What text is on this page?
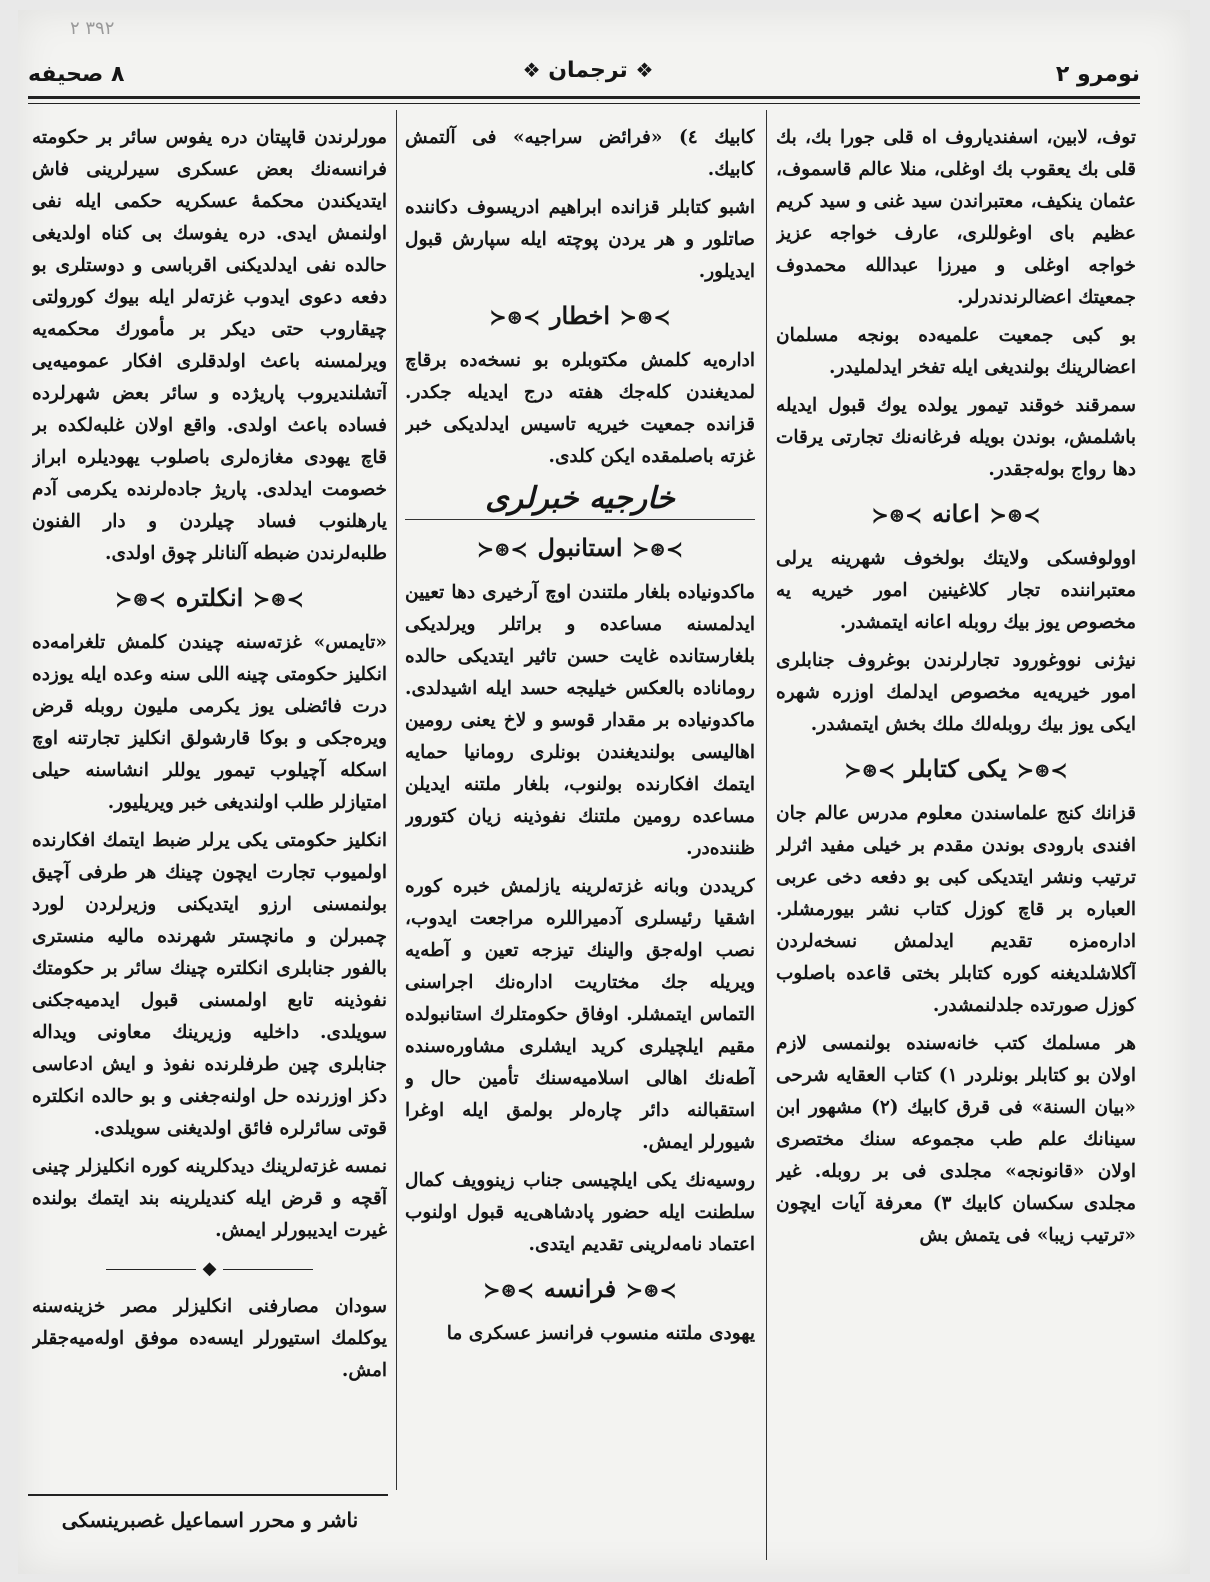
۲ ۳۹۲
۸ صحیفه	❖ ترجمان ❖	نومرو ۲

توف، لابین، اسفندیاروف اه قلی جورا بك، بك قلی بك یعقوب بك اوغلی، منلا عالم قاسموف، عثمان ینکیف، معتبراندن سید غنی و سید کریم عظیم بای اوغوللری، عارف خواجه عزیز خواجه اوغلی و میرزا عبدالله محمدوف جمعیتك اعضالرندندرلر.

بو کبی جمعیت علمیه‌ده بونجه مسلمان اعضالرینك بولندیغی ایله تفخر ایدلملیدر.

سمرقند خوقند تیمور یولده یوك قبول ایدیله باشلمش، بوندن بویله فرغانه‌نك تجارتی یرقات دها رواج بوله‌جقدر.

≻⊛≺اعانه≻⊛≺

اوولوفسکی ولایتك بولخوف شهرینه یرلی معتبراننده تجار کلاغینین امور خیریه یه مخصوص یوز بیك روبله اعانه ایتمشدر.

نیژنی نووغورود تجارلرندن بوغروف جنابلری امور خیریه‌یه مخصوص ایدلمك اوزره شهره ایکی یوز بیك روبله‌لك ملك بخش ایتمشدر.

≻⊛≺یکی کتابلر≻⊛≺

قزانك کنج علماسندن معلوم مدرس عالم جان افندی بارودی بوندن مقدم بر خیلی مفید اثرلر ترتیب ونشر ایتدیکی کبی بو دفعه دخی عربی العباره بر قاچ کوزل کتاب نشر بیورمشلر. اداره‌مزه تقدیم ایدلمش نسخه‌لردن آکلاشلدیغنه کوره کتابلر بختی قاعده باصلوب کوزل صورتده جلدلنمشدر.

هر مسلمك کتب خانه‌سنده بولنمسی لازم اولان بو کتابلر بونلردر ۱) کتاب العقایه شرحی «بیان السنة» فی قرق کابیك (۲) مشهور ابن سینانك علم طب مجموعه سنك مختصری اولان «قانونجه» مجلدی فی بر روبله. غیر مجلدی سکسان کابیك ۳) معرفة آیات ایچون «ترتیب زیبا» فی یتمش بش

کابیك ٤) «فرائض سراجیه» فی آلتمش کابیك.

اشبو کتابلر قزانده ابراهیم ادریسوف دکاننده صاتلور و هر یردن پوچته ایله سپارش قبول ایدیلور.

≻⊛≺اخطار≻⊛≺

اداره‌یه کلمش مکتوبلره بو نسخه‌ده برقاچ لمدیغندن کله‌جك هفته درج ایدیله جکدر. قزانده جمعیت خیریه تاسیس ایدلدیکی خبر غزته باصلمقده ایکن کلدی.

خارجیه خبرلری
≻⊛≺استانبول≻⊛≺

ماکدونیاده بلغار ملتندن اوچ آرخیری دها تعیین ایدلمسنه مساعده و براتلر ویرلدیکی بلغارستانده غایت حسن تاثیر ایتدیکی حالده روماناده بالعکس خیلیجه حسد ایله اشیدلدی. ماکدونیاده بر مقدار قوسو و لاخ یعنی رومین اهالیسی بولندیغندن بونلری رومانیا حمایه ایتمك افکارنده بولنوب، بلغار ملتنه ایدیلن مساعده رومین ملتنك نفوذینه زیان کتورور ظننده‌در.

کریددن وبانه غزته‌لرینه یازلمش خبره کوره اشقیا رئیسلری آدمیراللره مراجعت ایدوب، نصب اوله‌جق والینك تیزجه تعین و آطه‌یه ویریله جك مختاریت اداره‌نك اجراسنی التماس ایتمشلر. اوفاق حکومتلرك استانبولده مقیم ایلچیلری کرید ایشلری مشاوره‌سنده آطه‌نك اهالی اسلامیه‌سنك تأمین حال و استقبالنه دائر چاره‌لر بولمق ایله اوغرا شیورلر ایمش.

روسیه‌نك یکی ایلچیسی جناب زینوویف کمال سلطنت ایله حضور پادشاهی‌یه قبول اولنوب اعتماد نامه‌لرینی تقدیم ایتدی.

≻⊛≺فرانسه≻⊛≺

یهودی ملتنه منسوب فرانسز عسکری ما

مورلرندن قاپیتان دره یفوس سائر بر حکومته فرانسه‌نك بعض عسکری سیرلرینی فاش ایتدیکندن محکمهٔ عسکریه حکمی ایله نفی اولنمش ایدی. دره یفوسك بی کناه اولدیغی حالده نفی ایدلدیکنی اقرباسی و دوستلری بو دفعه دعوی ایدوب غزته‌لر ایله بیوك کورولتی چیقاروب حتی دیکر بر مأمورك محکمه‌یه ویرلمسنه باعث اولدقلری افکار عمومیه‌یی آتشلندیروب پاریژده و سائر بعض شهرلرده فساده باعث اولدی. واقع اولان غلبه‌لکده بر قاچ یهودی مغازه‌لری باصلوب یهودیلره ابراز خصومت ایدلدی. پاریژ جاده‌لرنده یکرمی آدم یارهلنوب فساد چیلردن و دار الفنون طلبه‌لرندن ضبطه آلنانلر چوق اولدی.

≻⊛≺انکلتره≻⊛≺

«تایمس» غزته‌سنه چیندن کلمش تلغرامه‌ده انکلیز حکومتی چینه اللی سنه وعده ایله یوزده درت فائضلی یوز یکرمی ملیون روبله قرض ویره‌جکی و بوکا قارشولق انکلیز تجارتنه اوچ اسکله آچیلوب تیمور یوللر انشاسنه حیلی امتیازلر طلب اولندیغی خبر ویریلیور.

انکلیز حکومتی یکی یرلر ضبط ایتمك افکارنده اولمیوب تجارت ایچون چینك هر طرفی آچیق بولنمسنی ارزو ایتدیکنی وزیرلردن لورد چمبرلن و مانچستر شهرنده مالیه منستری بالفور جنابلری انکلتره چینك سائر بر حکومتك نفوذینه تابع اولمسنی قبول ایدمیه‌جکنی سویلدی. داخلیه وزیرینك معاونی ویداله جنابلری چین طرفلرنده نفوذ و ایش ادعاسی دکز اوزرنده حل اولنه‌جغنی و بو حالده انکلتره قوتی سائرلره فائق اولدیغنی سویلدی.

نمسه غزته‌لرینك دیدکلرینه کوره انکلیزلر چینی آقچه و قرض ایله کندیلرینه بند ایتمك بولنده غیرت ایدیبورلر ایمش.

◆

سودان مصارفنی انکلیزلر مصر خزینه‌سنه یوکلمك استیورلر ایسه‌ده موفق اوله‌میه‌جقلر امش.

ناشر و محرر اسماعیل غصبرینسکی
